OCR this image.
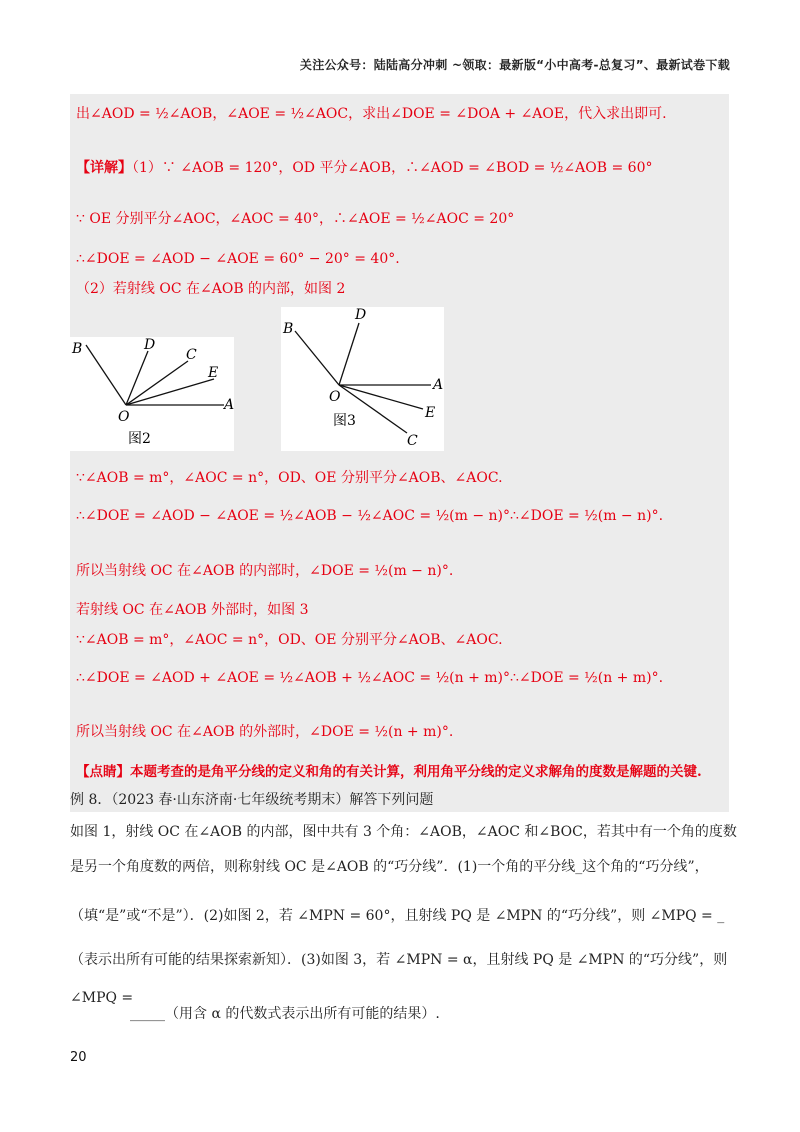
关注公众号：陆陆高分冲刺 ~领取：最新版“小中高考-总复习”、最新试卷下载
出∠AOD = ½∠AOB，∠AOE = ½∠AOC，求出∠DOE = ∠DOA + ∠AOE，代入求出即可.
【详解】（1）∵ ∠AOB = 120°，OD 平分∠AOB，∴∠AOD = ∠BOD = ½∠AOB = 60°
∵ OE 分别平分∠AOC，∠AOC = 40°，∴∠AOE = ½∠AOC = 20°
∴∠DOE = ∠AOD − ∠AOE = 60° − 20° = 40°.
（2）若射线 OC 在∠AOB 的内部，如图 2
B	D
C
E
O
A
图2
B
D
A
O
E
C
图3
∵∠AOB = m°，∠AOC = n°，OD、OE 分别平分∠AOB、∠AOC.
∴∠DOE = ∠AOD − ∠AOE = ½∠AOB − ½∠AOC = ½(m − n)°∴∠DOE = ½(m − n)°.
所以当射线 OC 在∠AOB 的内部时，∠DOE = ½(m − n)°.
若射线 OC 在∠AOB 外部时，如图 3
∵∠AOB = m°，∠AOC = n°，OD、OE 分别平分∠AOB、∠AOC.
∴∠DOE = ∠AOD + ∠AOE = ½∠AOB + ½∠AOC = ½(n + m)°∴∠DOE = ½(n + m)°.
所以当射线 OC 在∠AOB 的外部时，∠DOE = ½(n + m)°.
【点睛】本题考查的是角平分线的定义和角的有关计算，利用角平分线的定义求解角的度数是解题的关键.
例 8．（2023 春·山东济南·七年级统考期末）解答下列问题
如图 1，射线 OC 在∠AOB 的内部，图中共有 3 个角：∠AOB，∠AOC 和∠BOC，若其中有一个角的度数
是另一个角度数的两倍，则称射线 OC 是∠AOB 的“巧分线”．(1)一个角的平分线_这个角的“巧分线”，
（填“是”或“不是”）．(2)如图 2，若 ∠MPN = 60°，且射线 PQ 是 ∠MPN 的“巧分线”，则 ∠MPQ = _
（表示出所有可能的结果探索新知）．(3)如图 3，若 ∠MPN = α，且射线 PQ 是 ∠MPN 的“巧分线”，则
∠MPQ =
_____（用含 α 的代数式表示出所有可能的结果）.
20
